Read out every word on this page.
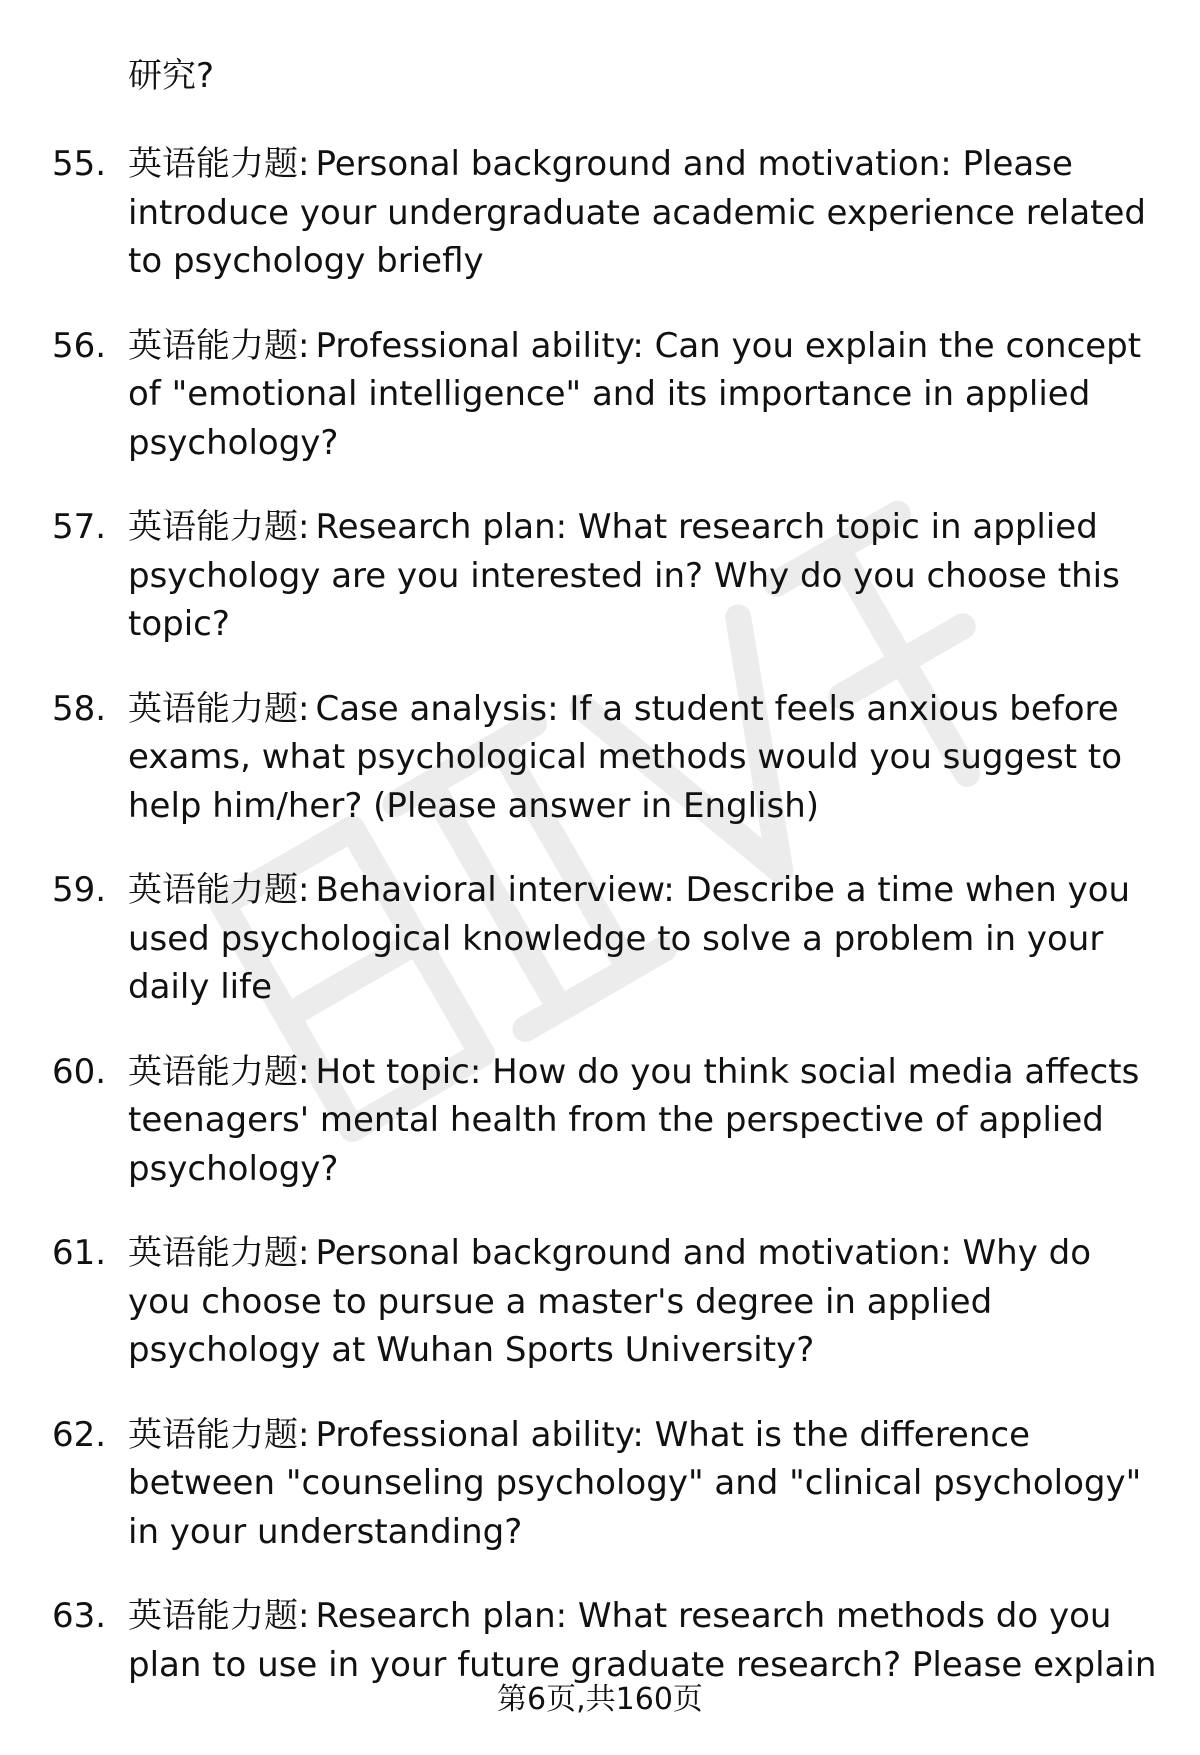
研究?

55. 英语能力题: Personal background and motivation: Please introduce your undergraduate academic experience related to psychology briefly
56. 英语能力题: Professional ability: Can you explain the concept of "emotional intelligence" and its importance in applied psychology?
57. 英语能力题: Research plan: What research topic in applied psychology are you interested in? Why do you choose this topic?
58. 英语能力题: Case analysis: If a student feels anxious before exams, what psychological methods would you suggest to help him/her? (Please answer in English)
59. 英语能力题: Behavioral interview: Describe a time when you used psychological knowledge to solve a problem in your daily life
60. 英语能力题: Hot topic: How do you think social media affects teenagers' mental health from the perspective of applied psychology?
61. 英语能力题: Personal background and motivation: Why do you choose to pursue a master's degree in applied psychology at Wuhan Sports University?
62. 英语能力题: Professional ability: What is the difference between "counseling psychology" and "clinical psychology" in your understanding?
63. 英语能力题: Research plan: What research methods do you plan to use in your future graduate research? Please explain
第6页,共160页
